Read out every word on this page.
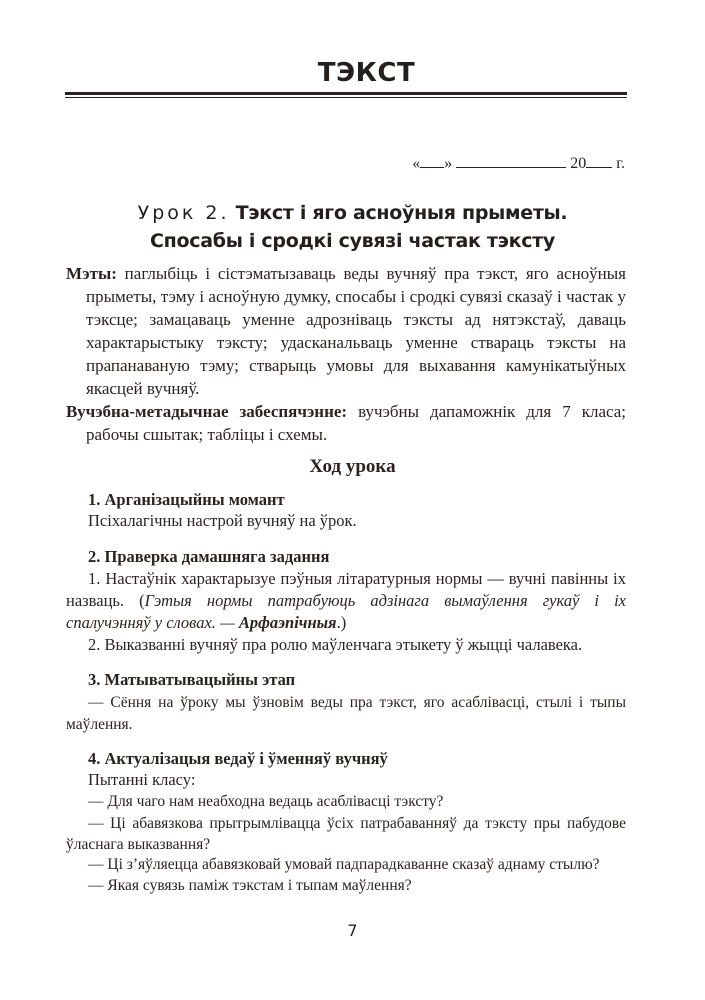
ТЭКСТ
« »	20 г.
Урок 2. Тэкст і яго асноўныя прыметы.
Спосабы і сродкі сувязі частак тэксту

Мэты: паглыбіць і сістэматызаваць веды вучняў пра тэкст, яго асноўныя прыметы, тэму і асноўную думку, спосабы і сродкі сувязі сказаў і частак у тэксце; замацаваць уменне адрозніваць тэксты ад нятэкстаў, даваць характарыстыку тэксту; удасканальваць уменне ствараць тэксты на прапанаваную тэму; стварыць умовы для выхавання камунікатыўных якасцей вучняў.

Вучэбна-метадычнае забеспячэнне: вучэбны дапаможнік для 7 класа; рабочы сшытак; табліцы і схемы.

Ход урока
1. Арганізацыйны момант
Псіхалагічны настрой вучняў на ўрок.
2. Праверка дамашняга задання

1. Настаўнік характарызуе пэўныя літаратурныя нормы — вучні павінны іх назваць. (Гэтыя нормы патрабуюць адзінага вымаўлення гукаў і іх спалучэнняў у словах. — Арфаэпічныя.)

2. Выказванні вучняў пра ролю маўленчага этыкету ў жыцці чалавека.

3. Матыватывацыйны этап

— Сёння на ўроку мы ўзновім веды пра тэкст, яго асаблівасці, стылі і тыпы маўлення.

4. Актуалізацыя ведаў і ўменняў вучняў
Пытанні класу:
— Для чаго нам неабходна ведаць асаблівасці тэксту?

— Ці абавязкова прытрымлівацца ўсіх патрабаванняў да тэксту пры пабудове ўласнага выказвання?

— Ці з’яўляецца абавязковай умовай падпарадкаванне сказаў аднаму стылю?
— Якая сувязь паміж тэкстам і тыпам маўлення?
7
